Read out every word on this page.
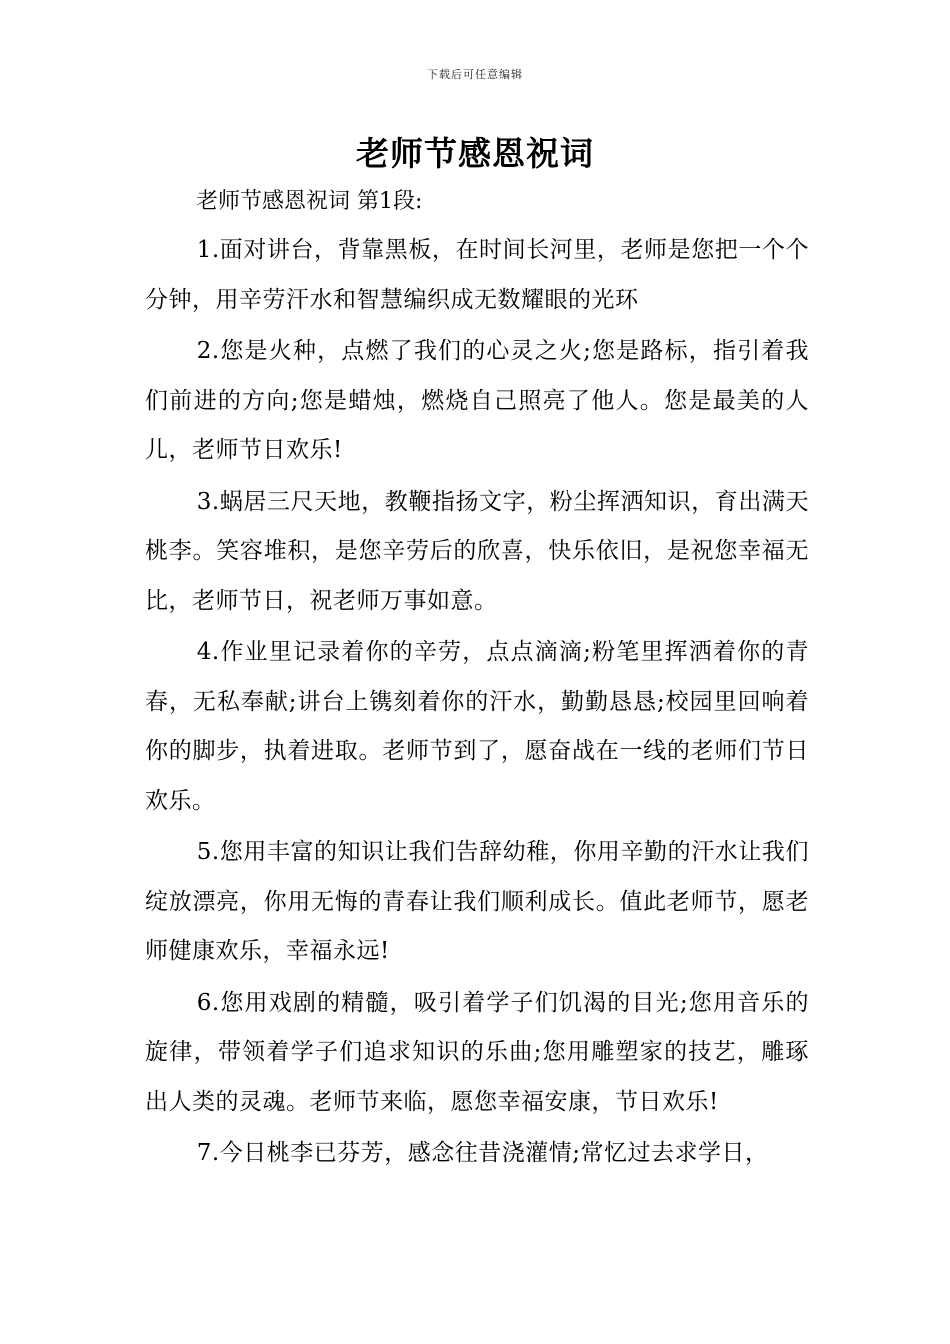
下载后可任意编辑
老师节感恩祝词
老师节感恩祝词 第1段:

1.面对讲台，背靠黑板，在时间长河里，老师是您把一个个分钟，用辛劳汗水和智慧编织成无数耀眼的光环

2.您是火种，点燃了我们的心灵之火;您是路标，指引着我们前进的方向;您是蜡烛，燃烧自己照亮了他人。您是最美的人儿，老师节日欢乐!

3.蜗居三尺天地，教鞭指扬文字，粉尘挥洒知识，育出满天桃李。笑容堆积，是您辛劳后的欣喜，快乐依旧，是祝您幸福无比，老师节日，祝老师万事如意。

4.作业里记录着你的辛劳，点点滴滴;粉笔里挥洒着你的青春，无私奉献;讲台上镌刻着你的汗水，勤勤恳恳;校园里回响着你的脚步，执着进取。老师节到了，愿奋战在一线的老师们节日欢乐。

5.您用丰富的知识让我们告辞幼稚，你用辛勤的汗水让我们绽放漂亮，你用无悔的青春让我们顺利成长。值此老师节，愿老师健康欢乐，幸福永远!

6.您用戏剧的精髓，吸引着学子们饥渴的目光;您用音乐的旋律，带领着学子们追求知识的乐曲;您用雕塑家的技艺，雕琢出人类的灵魂。老师节来临，愿您幸福安康，节日欢乐!

7.今日桃李已芬芳，感念往昔浇灌情;常忆过去求学日，
